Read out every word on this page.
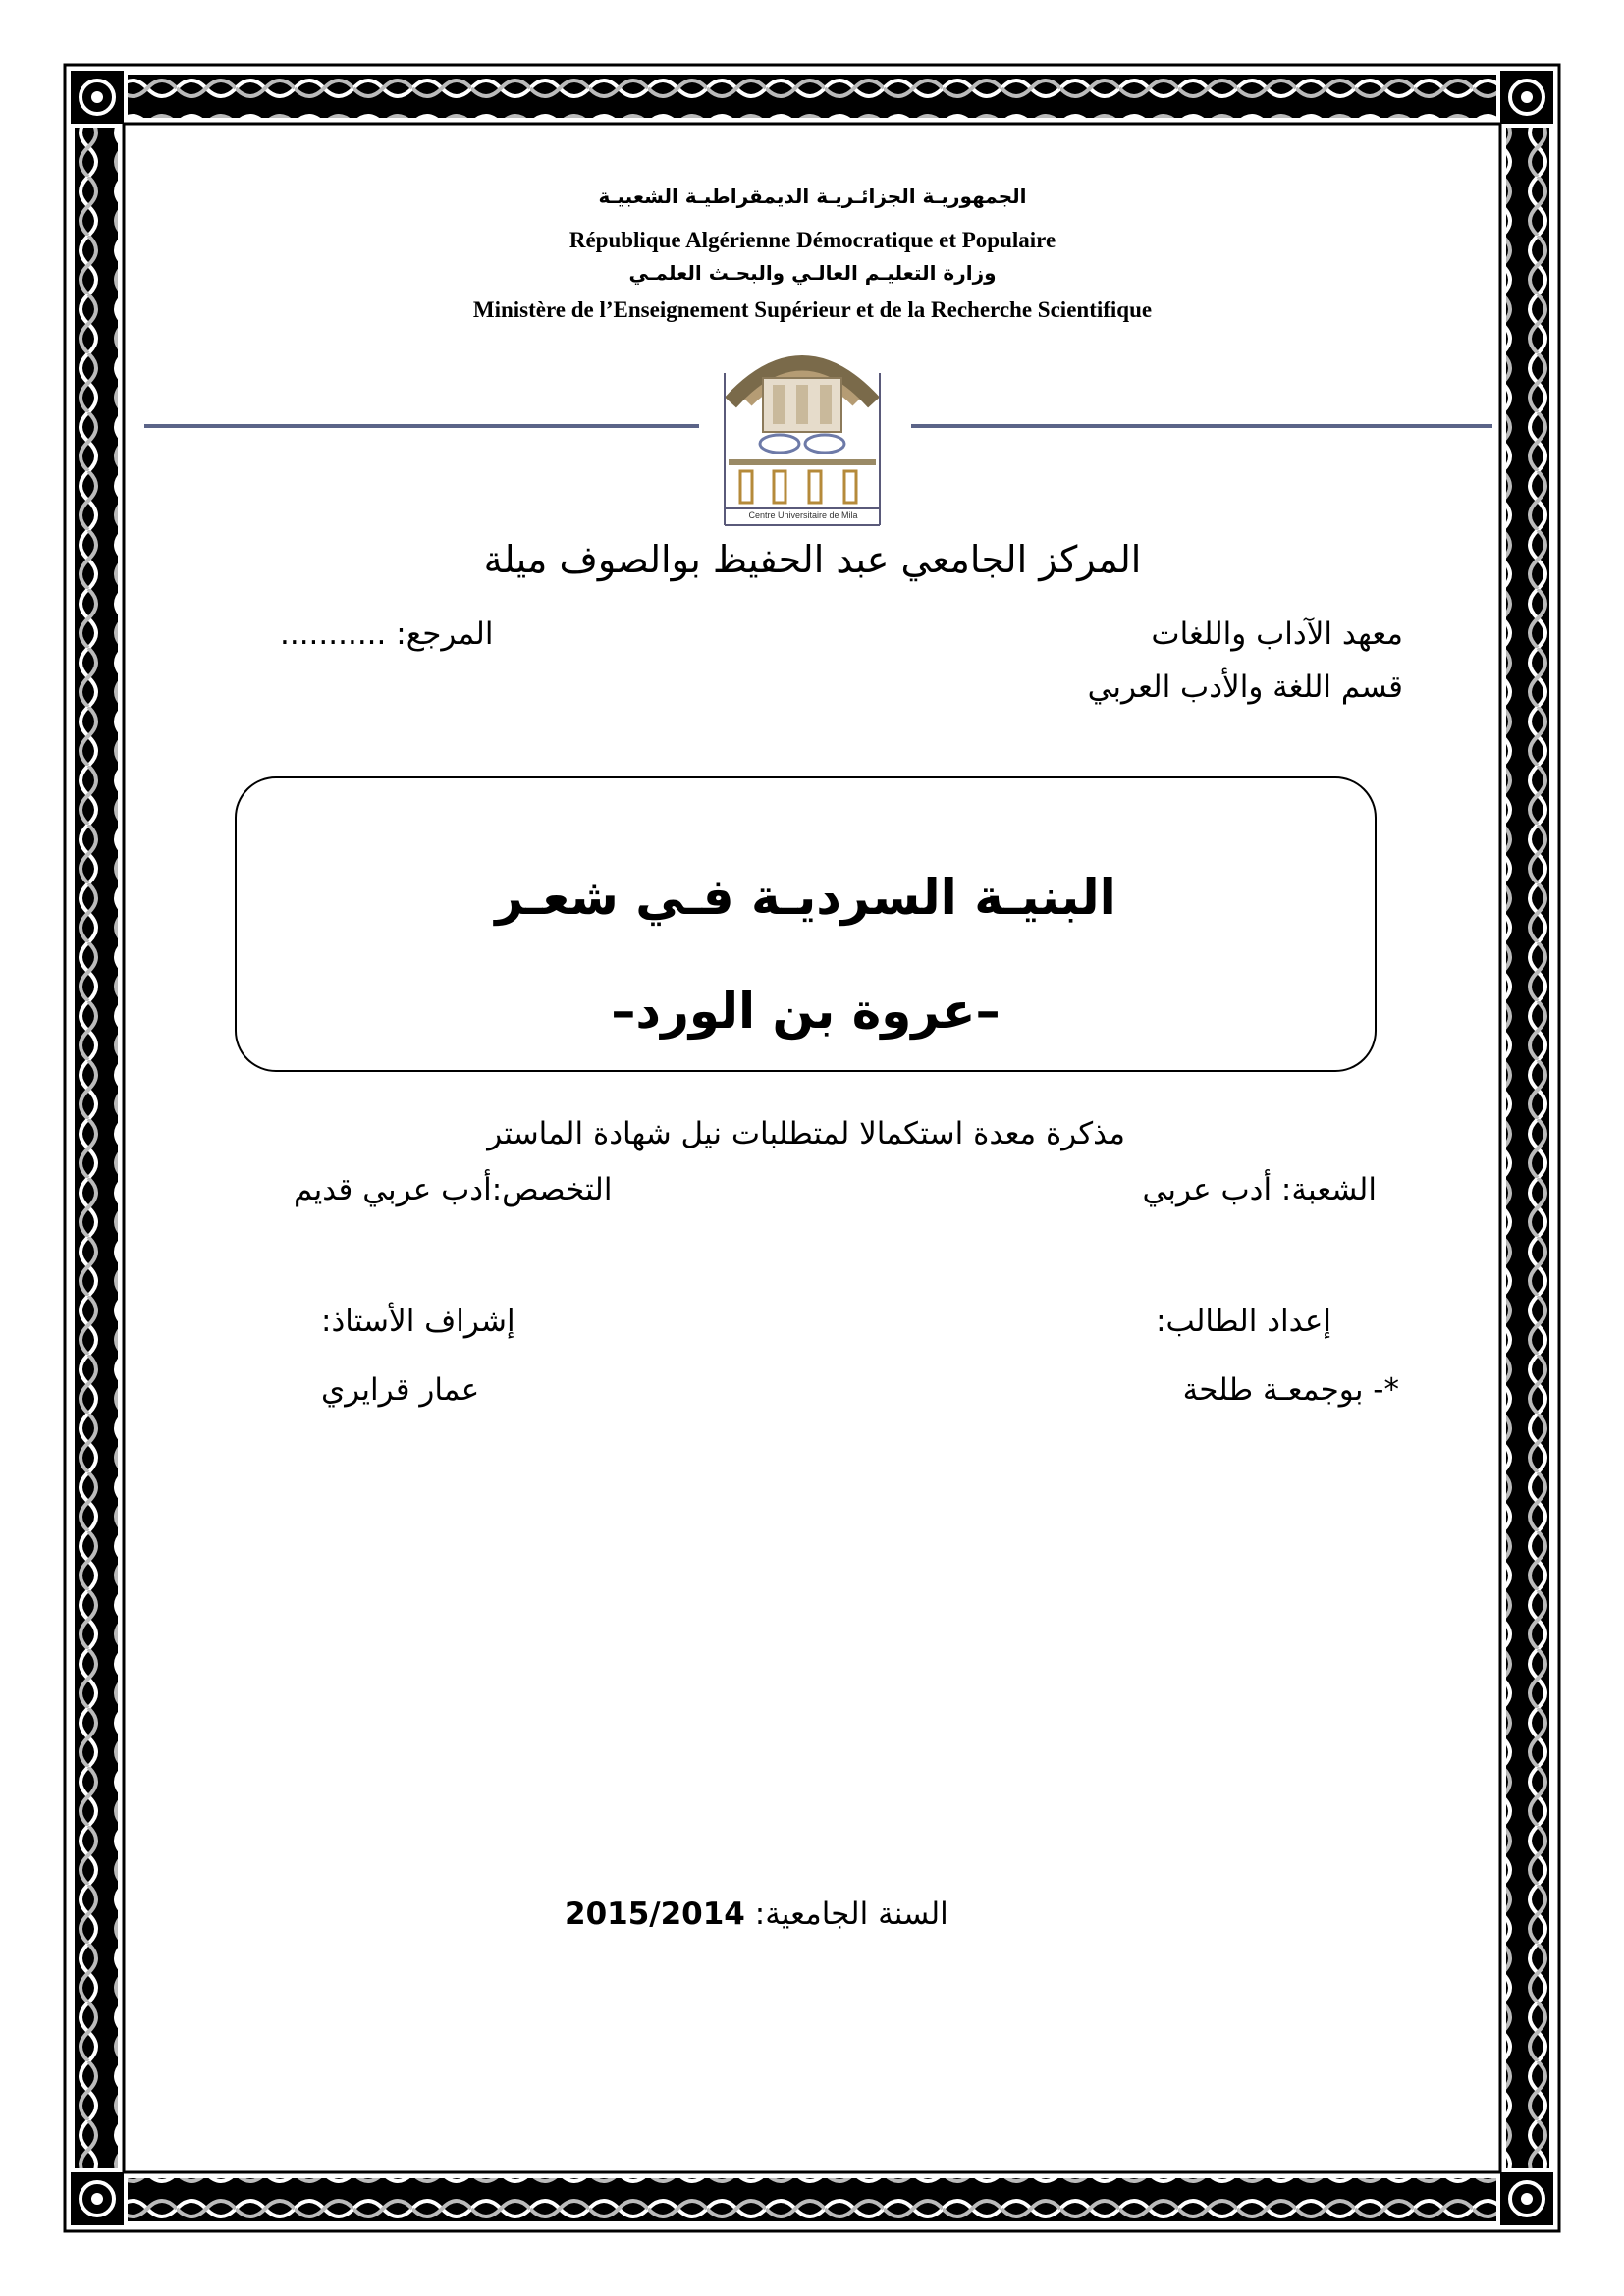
الجمهوريـة الجزائـريـة الديمقراطيـة الشعبيـة
République Algérienne Démocratique et Populaire
وزارة التعليـم العالـي والبحـث العلمـي
Ministère de l’Enseignement Supérieur et de la Recherche Scientifique
Centre Universitaire de Mila
المركز الجامعي عبد الحفيظ بوالصوف ميلة
معهد الآداب واللغات
المرجع: ...........
قسم اللغة والأدب العربي
البنيـة السرديـة فـي شعـر
–عروة بن الورد–
مذكرة معدة استكمالا لمتطلبات نيل شهادة الماستر
الشعبة: أدب عربي
التخصص:أدب عربي قديم
إعداد الطالب:
*- بوجمعـة طلحة
إشراف الأستاذ:
عمار قرايري
السنة الجامعية: 2015/2014
